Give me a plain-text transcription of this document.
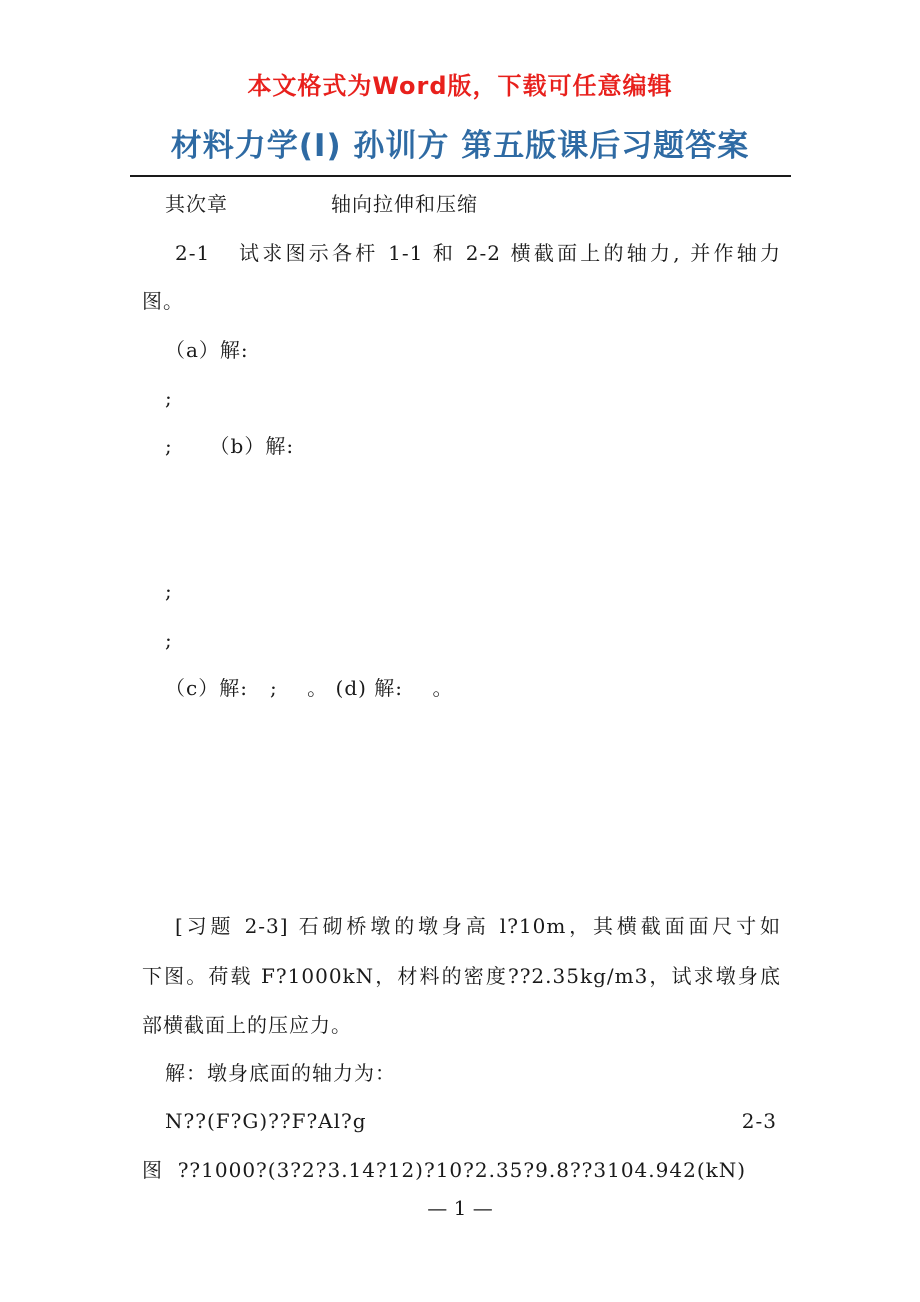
本文格式为Word版，下载可任意编辑
材料力学(I) 孙训方 第五版课后习题答案
其次章              轴向拉伸和压缩
2-1   试求图示各杆 1-1 和 2-2 横截面上的轴力, 并作轴力
图。
（a）解:
;
;     （b）解:
;
;
（c）解:   ;    。 (d) 解:    。
[习题 2-3] 石砌桥墩的墩身高 l?10m，其横截面面尺寸如
下图。荷载 F?1000kN，材料的密度??2.35kg/m3，试求墩身底
部横截面上的压应力。
解：墩身底面的轴力为：
N??(F?G)??F?Al?g	2-3
图  ??1000?(3?2?3.14?12)?10?2.35?9.8??3104.942(kN)
— 1 —
